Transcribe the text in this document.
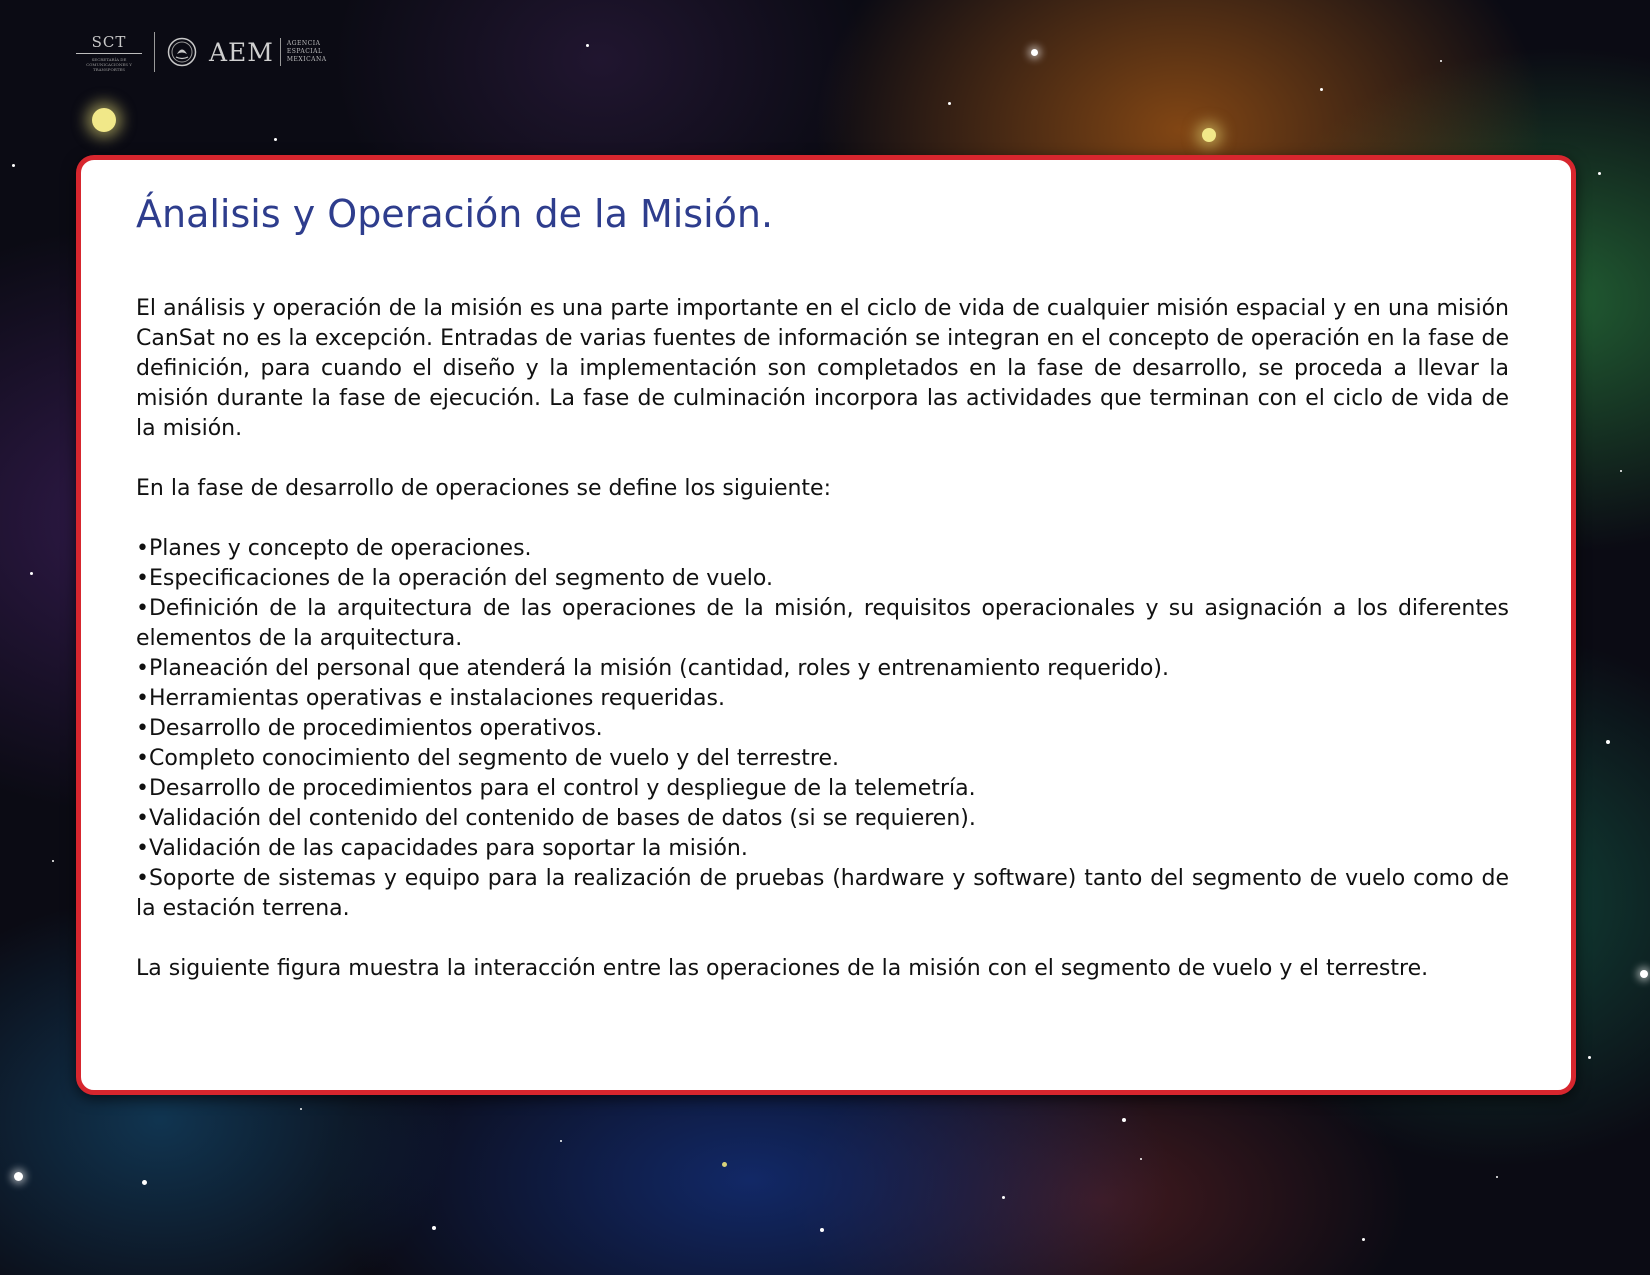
SCT
SECRETARÍA DE COMUNICACIONES Y TRANSPORTES
AEM AGENCIA
ESPACIAL
MEXICANA
Ánalisis y Operación de la Misión.

El análisis y operación de la misión es una parte importante en el ciclo de vida de cualquier misión espacial y en una misión CanSat no es la excepción. Entradas de varias fuentes de información se integran en el concepto de operación en la fase de definición, para cuando el diseño y la implementación son completados en la fase de desarrollo, se proceda a llevar la misión durante la fase de ejecución. La fase de culminación incorpora las actividades que terminan con el ciclo de vida de la misión.

En la fase de desarrollo de operaciones se define los siguiente:

•Planes y concepto de operaciones.
•Especificaciones de la operación del segmento de vuelo.
•Definición de la arquitectura de las operaciones de la misión, requisitos operacionales y su asignación a los diferentes elementos de la arquitectura.
•Planeación del personal que atenderá la misión (cantidad, roles y entrenamiento requerido).
•Herramientas operativas e instalaciones requeridas.
•Desarrollo de procedimientos operativos.
•Completo conocimiento del segmento de vuelo y del terrestre.
•Desarrollo de procedimientos para el control y despliegue de la telemetría.
•Validación del contenido del contenido de bases de datos (si se requieren).
•Validación de las capacidades para soportar la misión.
•Soporte de sistemas y equipo para la realización de pruebas (hardware y software) tanto del segmento de vuelo como de la estación terrena.

La siguiente figura muestra la interacción entre las operaciones de la misión con el segmento de vuelo y el terrestre.
